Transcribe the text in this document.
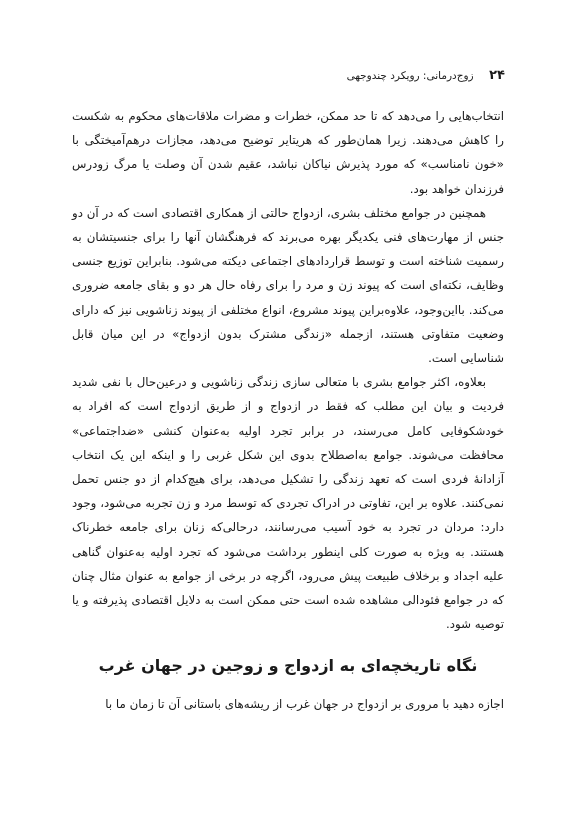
۲۴ زوج‌درمانی: رویکرد چندوجهی

انتخاب‌هایی را می‌دهد که تا حد ممکن، خطرات و مضرات ملاقات‌های محکوم به شکست را کاهش می‌دهند. زیرا همان‌طور که هریتایر توضیح می‌دهد، مجازات درهم‌آمیختگی با «خون نامناسب» که مورد پذیرش نیاکان نباشد، عقیم شدن آن وصلت یا مرگ زودرس فرزندان خواهد بود.

همچنین در جوامع مختلف بشری، ازدواج حالتی از همکاری اقتصادی است که در آن دو جنس از مهارت‌های فنی یکدیگر بهره می‌برند که فرهنگشان آنها را برای جنسیتشان به رسمیت شناخته است و توسط قراردادهای اجتماعی دیکته می‌شود. بنابراین توزیع جنسی وظایف، نکته‌ای است که پیوند زن و مرد را برای رفاه حال هر دو و بقای جامعه ضروری می‌کند. بااین‌وجود، علاوه‌براین پیوند مشروع، انواع مختلفی از پیوند زناشویی نیز که دارای وضعیت متفاوتی هستند، ازجمله «زندگی مشترک بدون ازدواج» در این میان قابل شناسایی است.

بعلاوه، اکثر جوامع بشری با متعالی سازی زندگی زناشویی و درعین‌حال با نفی شدید فردیت و بیان این مطلب که فقط در ازدواج و از طریق ازدواج است که افراد به خودشکوفایی کامل می‌رسند، در برابر تجرد اولیه به‌عنوان کنشی «ضداجتماعی» محافظت می‌شوند. جوامع به‌اصطلاح بدوی این شکل غربی را و اینکه این یک انتخاب آزادانهٔ فردی است که تعهد زندگی را تشکیل می‌دهد، برای هیچ‌کدام از دو جنس تحمل نمی‌کنند. علاوه بر این، تفاوتی در ادراک تجردی که توسط مرد و زن تجربه می‌شود، وجود دارد: مردان در تجرد به خود آسیب می‌رسانند، درحالی‌که زنان برای جامعه خطرناک هستند. به ویژه به صورت کلی اینطور برداشت می‌شود که تجرد اولیه به‌عنوان گناهی علیه اجداد و برخلاف طبیعت پیش می‌رود، اگرچه در برخی از جوامع به عنوان مثال چنان که در جوامع فئودالی مشاهده شده است حتی ممکن است به دلایل اقتصادی پذیرفته و یا توصیه شود.

نگاه تاریخچه‌ای به ازدواج و زوجین در جهان غرب

اجازه دهید با مروری بر ازدواج در جهان غرب از ریشه‌های باستانی آن تا زمان ما با
